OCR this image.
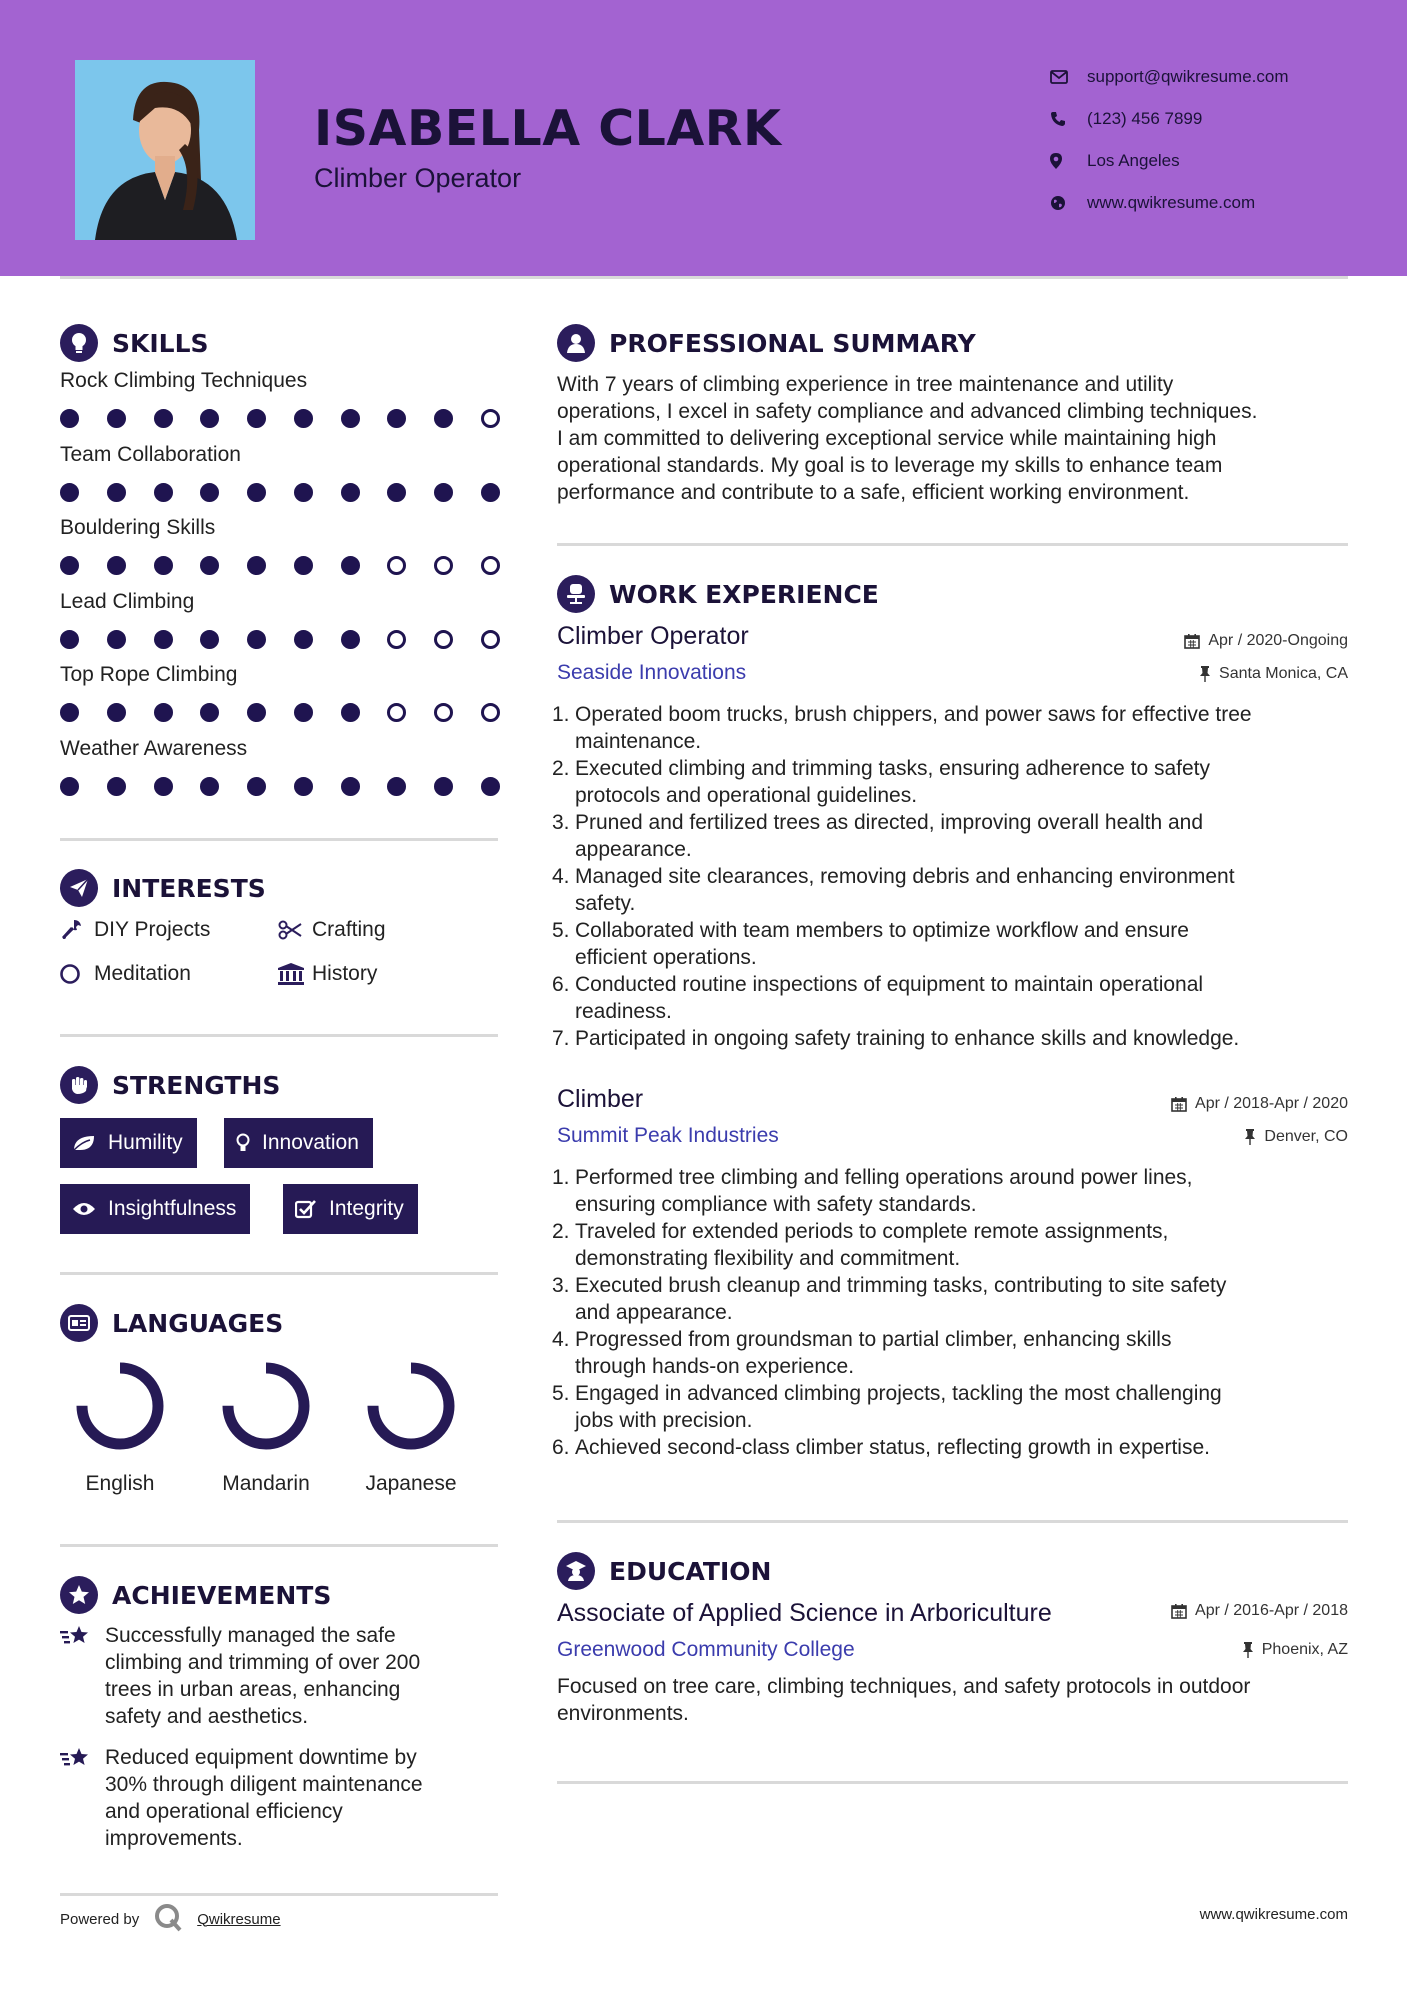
ISABELLA CLARK
Climber Operator
support@qwikresume.com
(123) 456 7899
Los Angeles
www.qwikresume.com
SKILLS
Rock Climbing Techniques
Team Collaboration
Bouldering Skills
Lead Climbing
Top Rope Climbing
Weather Awareness
INTERESTS
DIY Projects	Crafting
Meditation	History
STRENGTHS
Humility	Innovation
Insightfulness	Integrity
LANGUAGES
English	Mandarin	Japanese
ACHIEVEMENTS
Successfully managed the safe
climbing and trimming of over 200
trees in urban areas, enhancing
safety and aesthetics.
Reduced equipment downtime by
30% through diligent maintenance
and operational efficiency
improvements.
PROFESSIONAL SUMMARY
With 7 years of climbing experience in tree maintenance and utility
operations, I excel in safety compliance and advanced climbing techniques.
I am committed to delivering exceptional service while maintaining high
operational standards. My goal is to leverage my skills to enhance team
performance and contribute to a safe, efficient working environment.
WORK EXPERIENCE
Climber Operator	Apr / 2020-Ongoing
Seaside Innovations	Santa Monica, CA
1. Operated boom trucks, brush chippers, and power saws for effective tree
maintenance.
2. Executed climbing and trimming tasks, ensuring adherence to safety
protocols and operational guidelines.
3. Pruned and fertilized trees as directed, improving overall health and
appearance.
4. Managed site clearances, removing debris and enhancing environment
safety.
5. Collaborated with team members to optimize workflow and ensure
efficient operations.
6. Conducted routine inspections of equipment to maintain operational
readiness.
7. Participated in ongoing safety training to enhance skills and knowledge.
Climber	Apr / 2018-Apr / 2020
Summit Peak Industries	Denver, CO
1. Performed tree climbing and felling operations around power lines,
ensuring compliance with safety standards.
2. Traveled for extended periods to complete remote assignments,
demonstrating flexibility and commitment.
3. Executed brush cleanup and trimming tasks, contributing to site safety
and appearance.
4. Progressed from groundsman to partial climber, enhancing skills
through hands-on experience.
5. Engaged in advanced climbing projects, tackling the most challenging
jobs with precision.
6. Achieved second-class climber status, reflecting growth in expertise.
EDUCATION
Associate of Applied Science in Arboriculture	Apr / 2016-Apr / 2018
Greenwood Community College	Phoenix, AZ
Focused on tree care, climbing techniques, and safety protocols in outdoor
environments.
Powered by	Qwikresume	www.qwikresume.com
